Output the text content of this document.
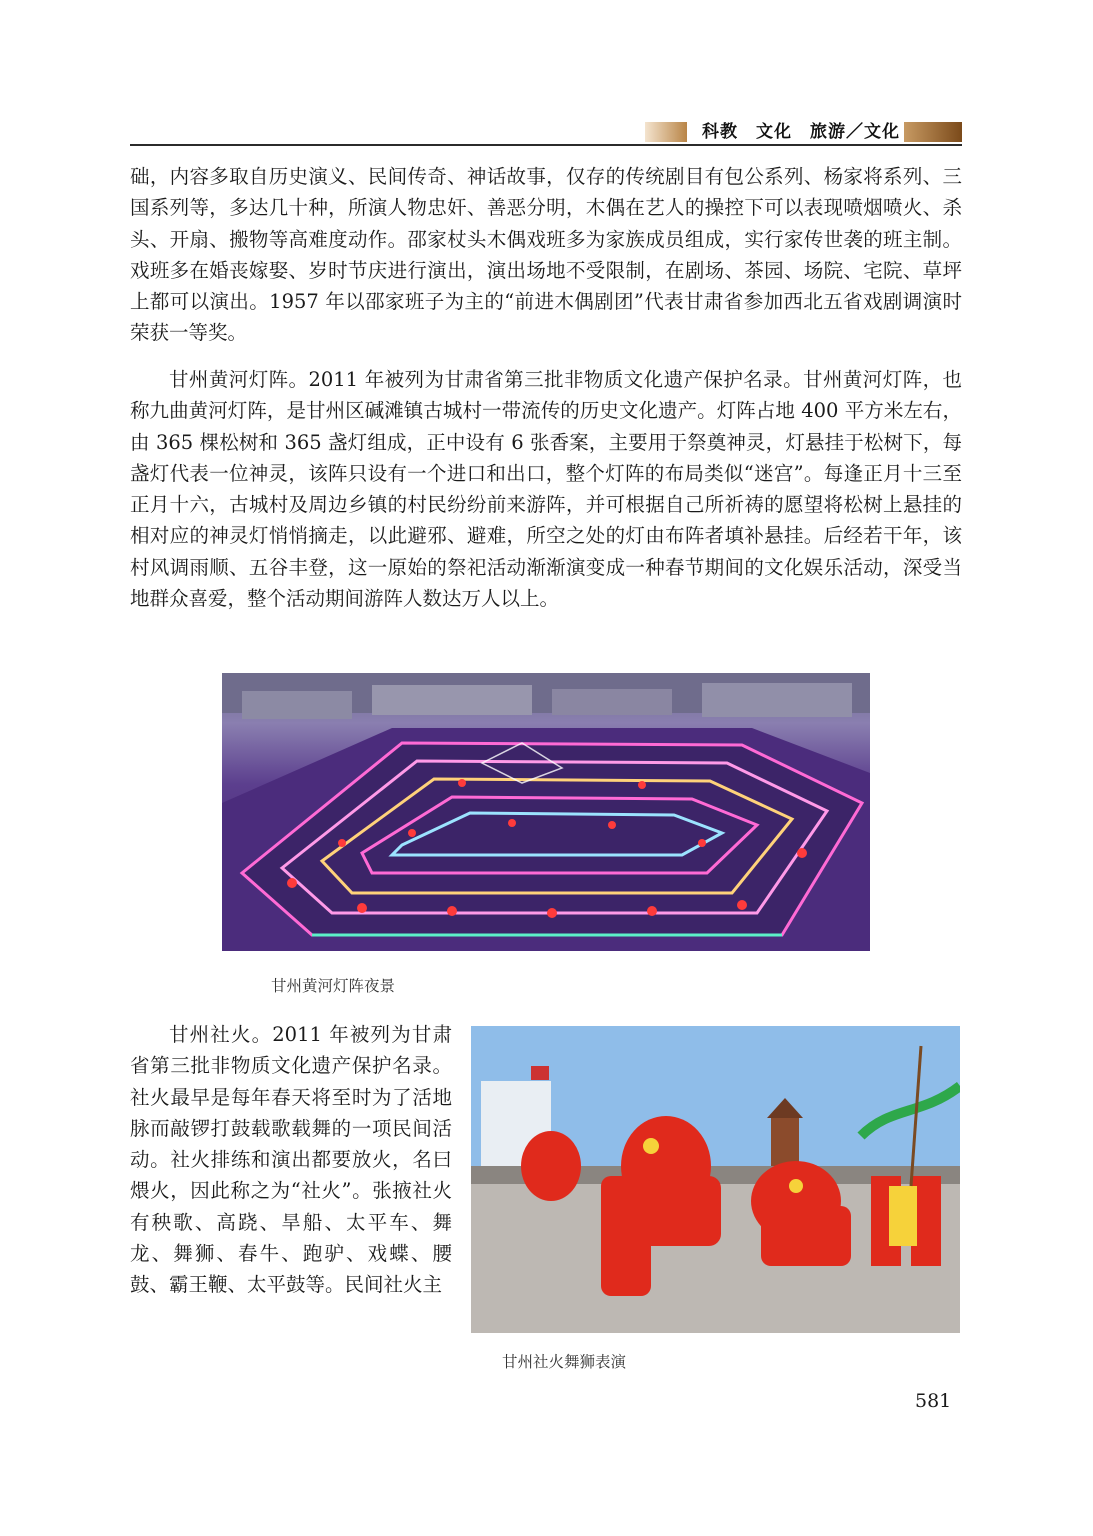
科教　文化　旅游／文化

础，内容多取自历史演义、民间传奇、神话故事，仅存的传统剧目有包公系列、杨家将系列、三国系列等，多达几十种，所演人物忠奸、善恶分明，木偶在艺人的操控下可以表现喷烟喷火、杀头、开扇、搬物等高难度动作。邵家杖头木偶戏班多为家族成员组成，实行家传世袭的班主制。戏班多在婚丧嫁娶、岁时节庆进行演出，演出场地不受限制，在剧场、茶园、场院、宅院、草坪上都可以演出。1957 年以邵家班子为主的“前进木偶剧团”代表甘肃省参加西北五省戏剧调演时荣获一等奖。

甘州黄河灯阵。2011 年被列为甘肃省第三批非物质文化遗产保护名录。甘州黄河灯阵，也称九曲黄河灯阵，是甘州区碱滩镇古城村一带流传的历史文化遗产。灯阵占地 400 平方米左右，由 365 棵松树和 365 盏灯组成，正中设有 6 张香案，主要用于祭奠神灵，灯悬挂于松树下，每盏灯代表一位神灵，该阵只设有一个进口和出口，整个灯阵的布局类似“迷宫”。每逢正月十三至正月十六，古城村及周边乡镇的村民纷纷前来游阵，并可根据自己所祈祷的愿望将松树上悬挂的相对应的神灵灯悄悄摘走，以此避邪、避难，所空之处的灯由布阵者填补悬挂。后经若干年，该村风调雨顺、五谷丰登，这一原始的祭祀活动渐渐演变成一种春节期间的文化娱乐活动，深受当地群众喜爱，整个活动期间游阵人数达万人以上。

甘州黄河灯阵夜景

甘州社火。2011 年被列为甘肃省第三批非物质文化遗产保护名录。社火最早是每年春天将至时为了活地脉而敲锣打鼓载歌载舞的一项民间活动。社火排练和演出都要放火，名曰煨火，因此称之为“社火”。张掖社火有秧歌、高跷、旱船、太平车、舞龙、舞狮、春牛、跑驴、戏蝶、腰鼓、霸王鞭、太平鼓等。民间社火主

甘州社火舞狮表演
581
